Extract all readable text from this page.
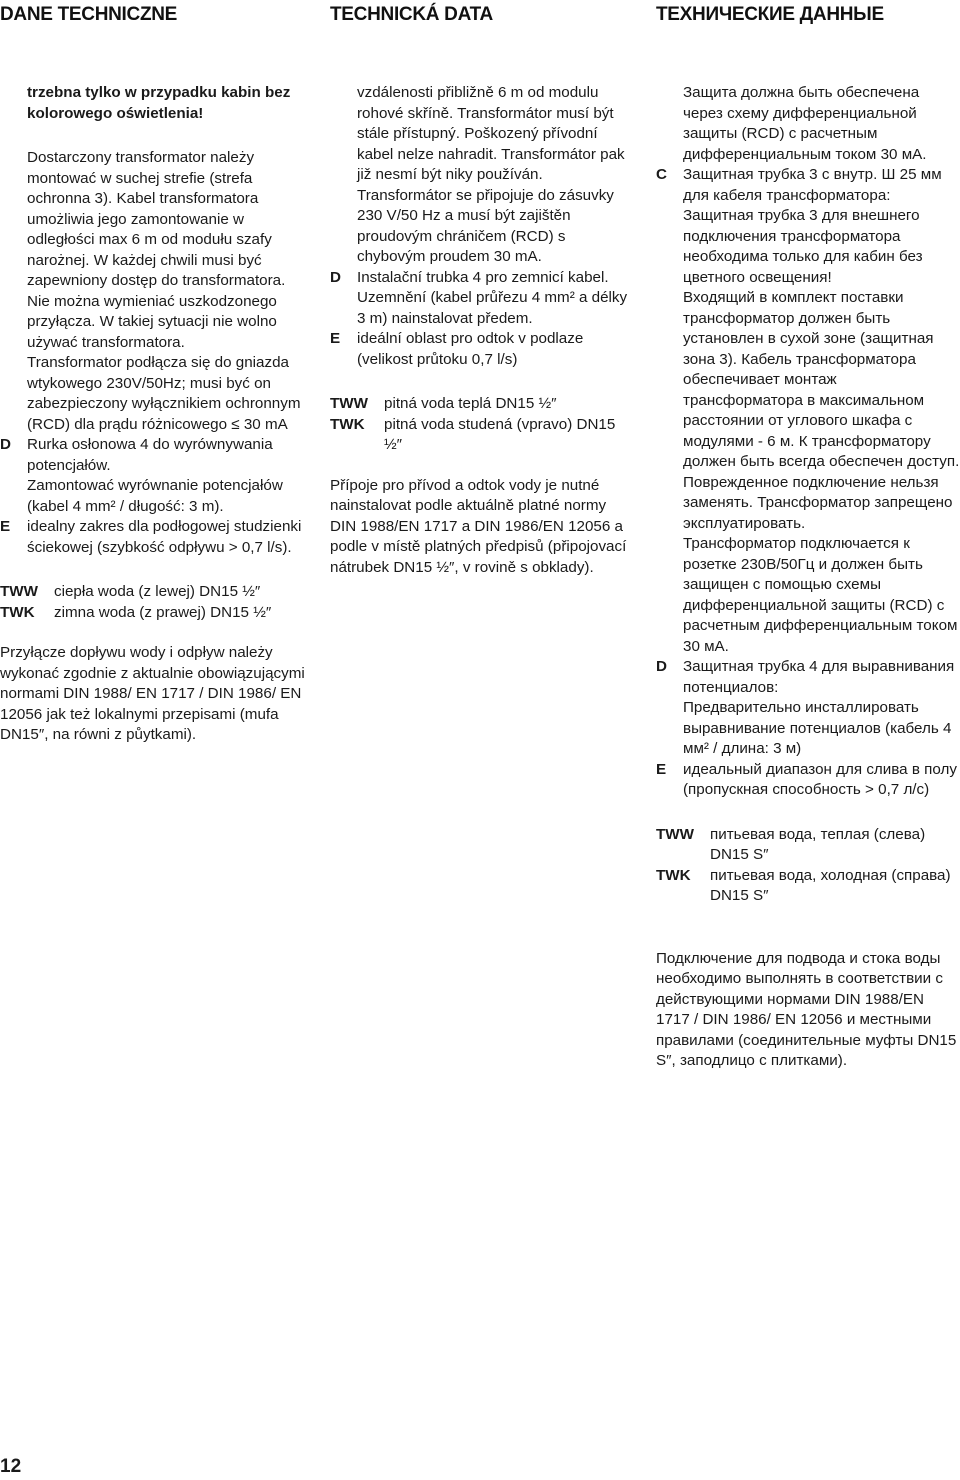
DANE TECHNICZNE	TECHNICKÁ DATA	ТЕХНИЧЕСКИЕ ДАННЫЕ

trzebna tylko w przypadku kabin bez kolorowego oświetlenia!

Dostarczony transformator należy montować w suchej strefie (strefa ochronna 3). Kabel transformatora umożliwia jego zamontowanie w odległości max 6 m od modułu szafy narożnej. W każdej chwili musi być zapewniony dostęp do transformatora. Nie można wymieniać uszkodzonego przyłącza. W takiej sytuacji nie wolno używać transformatora.

Transformator podłącza się do gniazda wtykowego 230V/50Hz; musi być on zabezpieczony wyłącznikiem ochronnym (RCD) dla prądu różnicowego ≤ 30 mA

D Rurka osłonowa 4 do wyrównywania potencjałów.

Zamontować wyrównanie potencjałów (kabel 4 mm² / długość: 3 m).

E idealny zakres dla podłogowej studzienki ściekowej (szybkość odpływu > 0,7 l/s).

TWW ciepła woda (z lewej) DN15 ½″

TWK zimna woda (z prawej) DN15 ½″

Przyłącze dopływu wody i odpływ należy wykonać zgodnie z aktualnie obowiązującymi normami DIN 1988/ EN 1717 / DIN 1986/ EN 12056 jak też lokalnymi przepisami (mufa DN15″, na równi z půytkami).

vzdálenosti přibližně 6 m od modulu rohové skříně. Transformátor musí být stále přístupný. Poškozený přívodní kabel nelze nahradit. Transformátor pak již nesmí být niky používán.

Transformátor se připojuje do zásuvky 230 V/50 Hz a musí být zajištěn proudovým chráničem (RCD) s chybovým proudem 30 mA.

D Instalační trubka 4 pro zemnicí kabel.

Uzemnění (kabel průřezu 4 mm² a délky 3 m) nainstalovat předem.

E ideální oblast pro odtok v podlaze (velikost průtoku 0,7 l/s)

TWW pitná voda teplá DN15 ½″

TWK pitná voda studená (vpravo) DN15 ½″

Přípoje pro přívod a odtok vody je nutné nainstalovat podle aktuálně platné normy DIN 1988/EN 1717 a DIN 1986/EN 12056 a podle v místě platných předpisů (připojovací nátrubek DN15 ½″, v rovině s obklady).

Защита должна быть обеспечена через схему дифференциальной защиты (RCD) с расчетным дифференциальным током 30 мА.

C Защитная трубка 3 с внутр. Ш 25 мм для кабеля трансформатора:

Защитная трубка 3 для внешнего подключения трансформатора необходима только для кабин без цветного освещения!

Входящий в комплект поставки трансформатор должен быть установлен в сухой зоне (защитная зона 3). Кабель трансформатора обеспечивает монтаж трансформатора в максимальном расстоянии от углового шкафа с модулями - 6 м. К трансформатору должен быть всегда обеспечен доступ. Поврежденное подключение нельзя заменять. Трансформатор запрещено эксплуатировать.

Трансформатор подключается к розетке 230В/50Гц и должен быть защищен с помощью схемы дифференциальной защиты (RCD) с расчетным дифференциальным током 30 мА.

D Защитная трубка 4 для выравнивания потенциалов:

Предварительно инсталлировать выравнивание потенциалов (кабель 4 мм² / длина: 3 м)

E идеальный диапазон для слива в полу (пропускная способность > 0,7 л/с)

TWW питьевая вода, теплая (слева) DN15 S″

TWK питьевая вода, холодная (справа) DN15 S″

Подключение для подвода и стока воды необходимо выполнять в соответствии с действующими нормами DIN 1988/EN 1717 / DIN 1986/ EN 12056 и местными правилами (соединительные муфты DN15 S″, заподлицо с плитками).

12
